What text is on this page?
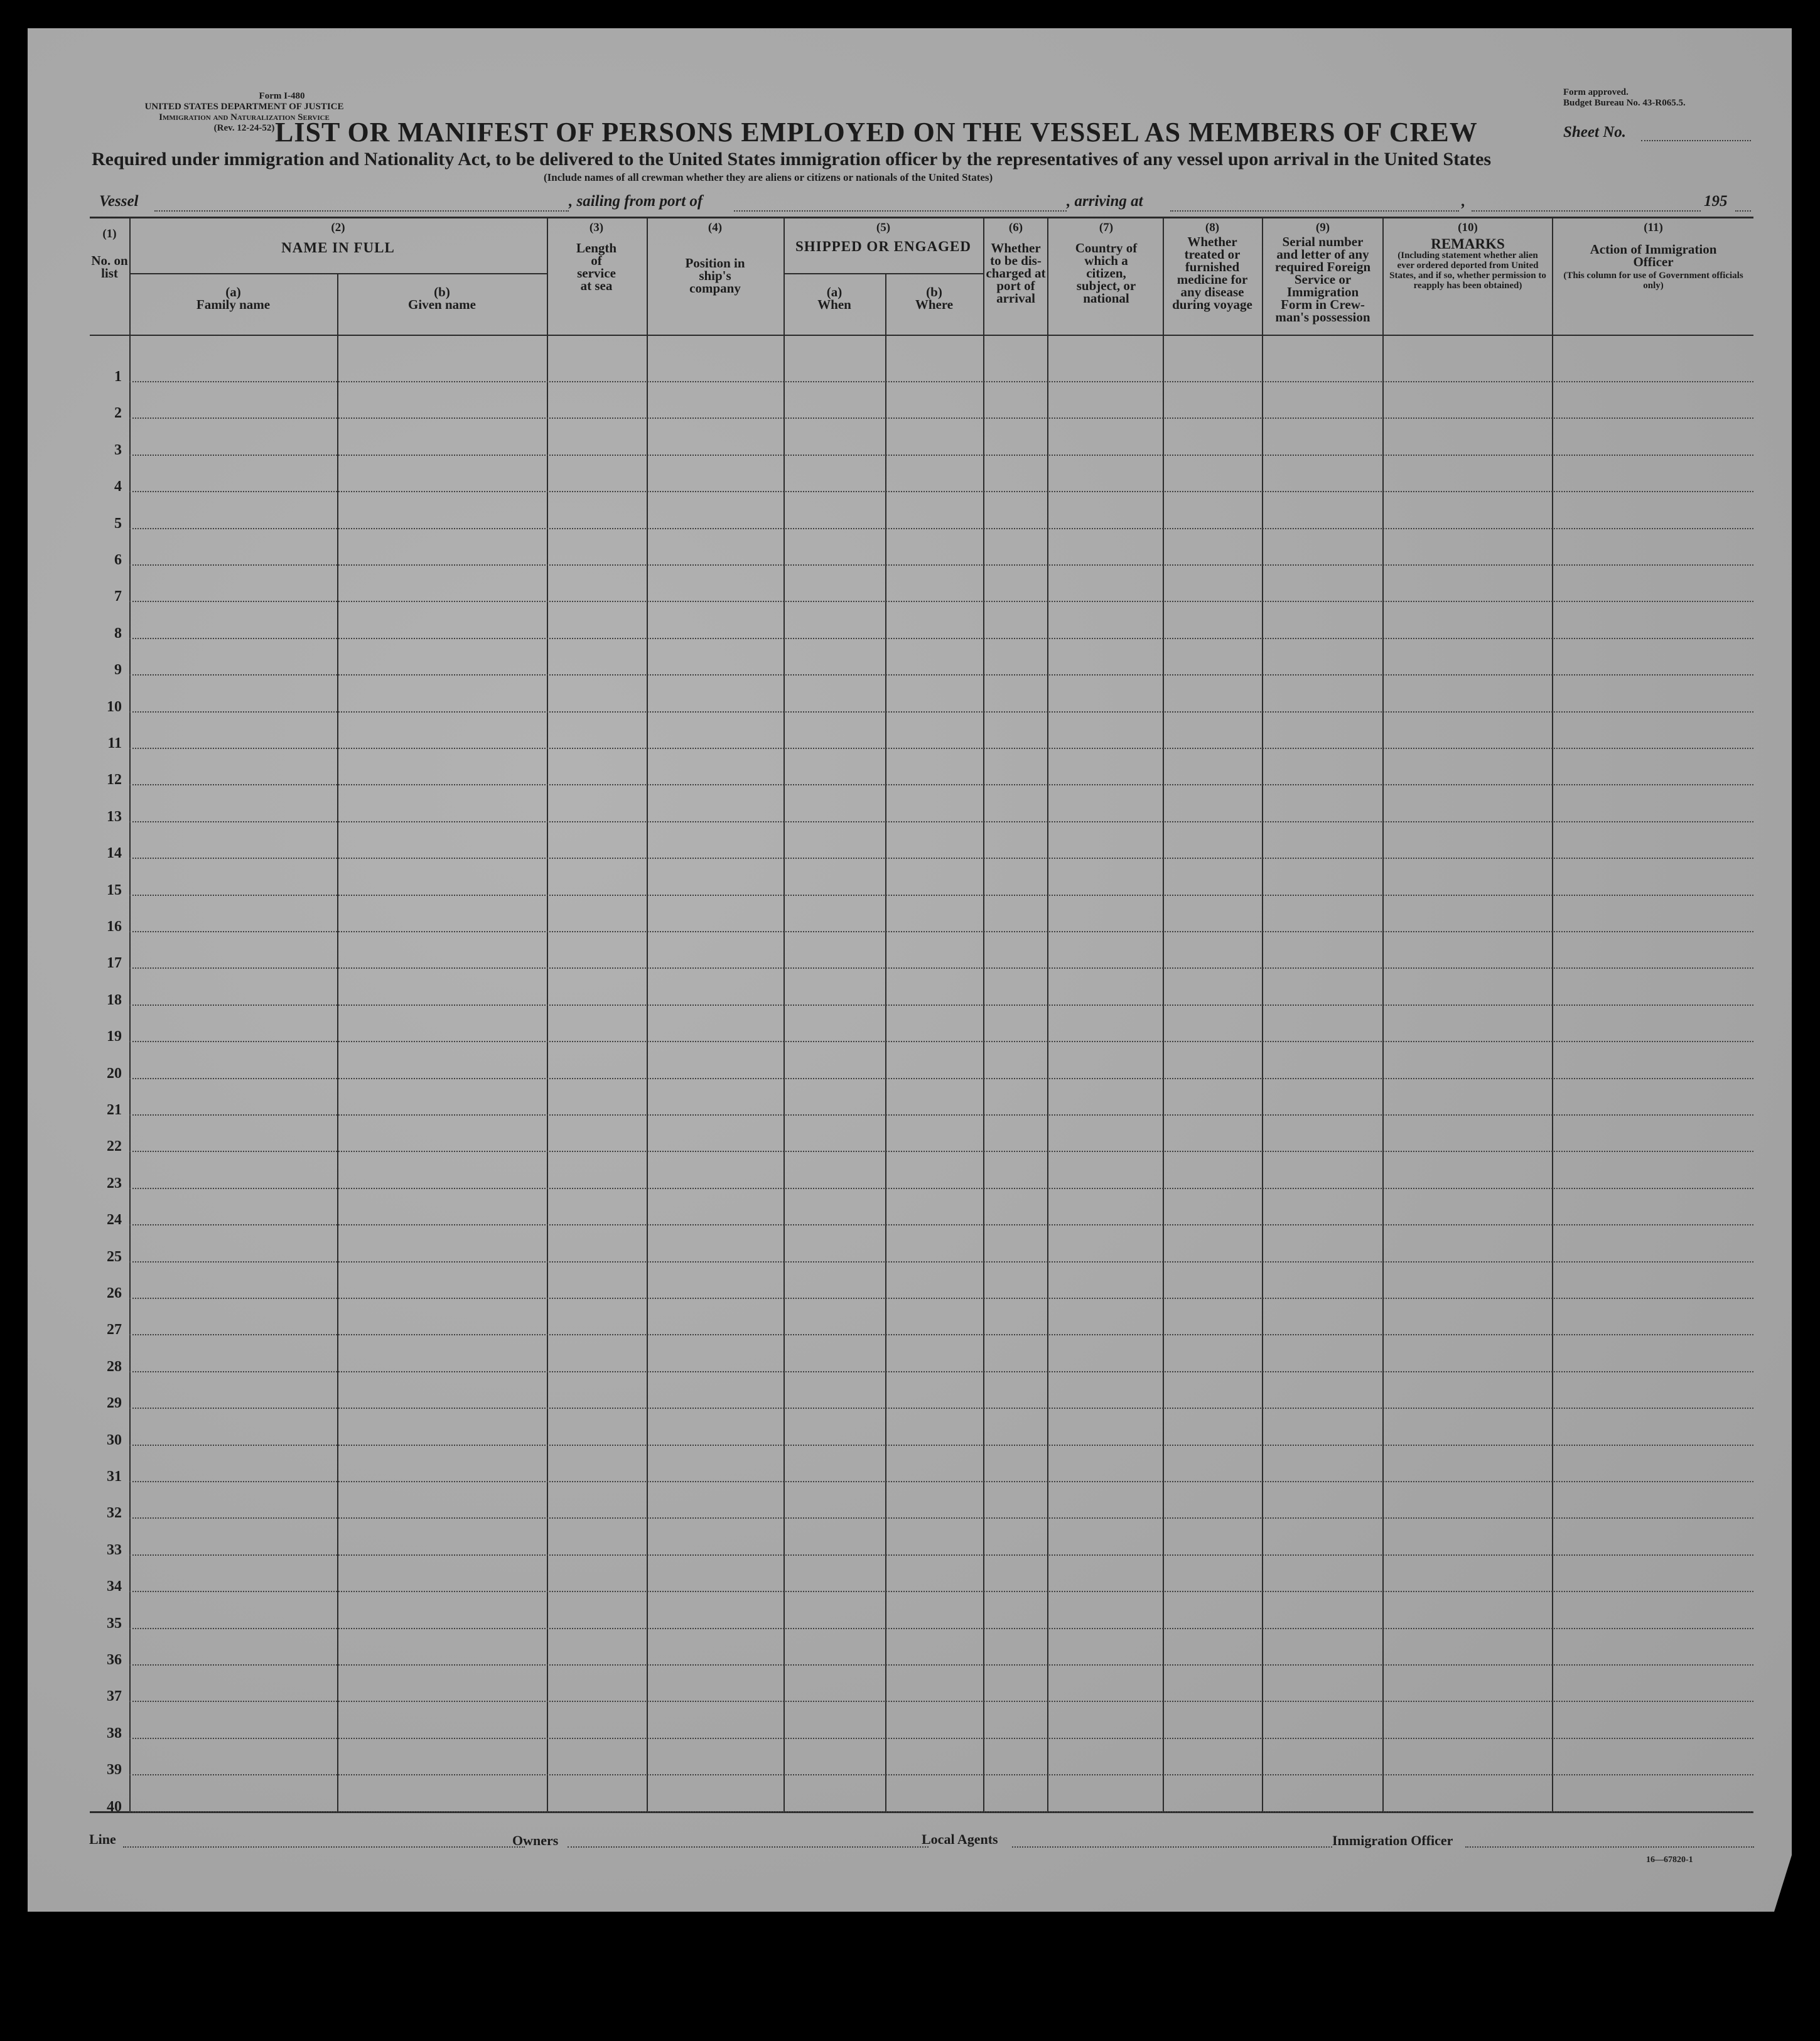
Form I-480
UNITED STATES DEPARTMENT OF JUSTICE
Immigration and Naturalization Service
(Rev. 12-24-52)
Form approved.
Budget Bureau No. 43-R065.5.
LIST OR MANIFEST OF PERSONS EMPLOYED ON THE VESSEL AS MEMBERS OF CREW	Sheet No.
Required under immigration and Nationality Act, to be delivered to the United States immigration officer by the representatives of any vessel upon arrival in the United States
(Include names of all crewman whether they are aliens or citizens or nationals of the United States)
Vessel	, sailing from port of	, arriving at	,	195
(1)
No. on list
(2)
NAME IN FULL
(a)
Family name
(b)
Given name
(3)
Length of service at sea
(4)
Position in ship's company
(5)
SHIPPED OR ENGAGED
(a)
When
(b)
Where
(6)
Whether to be dis-charged at port of arrival
(7)
Country of which a citizen, subject, or national
(8)
Whether treated or furnished medicine for any disease during voyage
(9)
Serial number and letter of any required Foreign Service or Immigration Form in Crew-man's possession
(10)
REMARKS
(Including statement whether alien ever ordered deported from United States, and if so, whether permission to reapply has been obtained)
(11)
Action of Immigration Officer
(This column for use of Government officials only)
1
2
3
4
5
6
7
8
9
10
11
12
13
14
15
16
17
18
19
20
21
22
23
24
25
26
27
28
29
30
31
32
33
34
35
36
37
38
39
40
Line	Owners	Local Agents	Immigration Officer
16—67820-1
